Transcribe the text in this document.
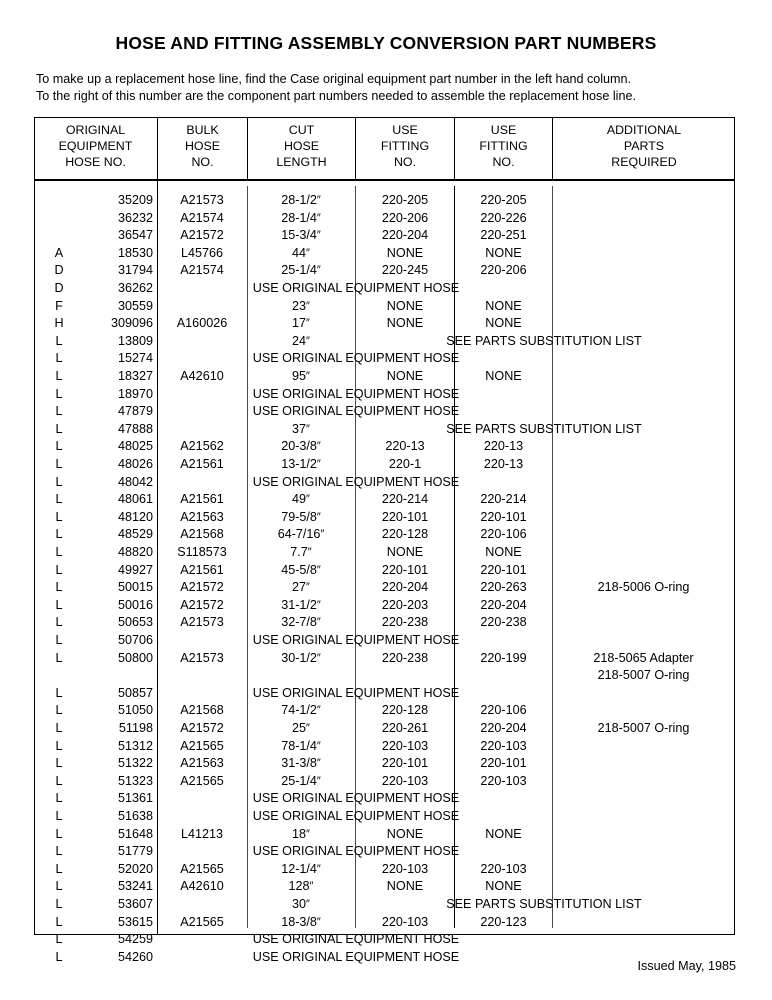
HOSE AND FITTING ASSEMBLY CONVERSION PART NUMBERS
To make up a replacement hose line, find the Case original equipment part number in the left hand column.
To the right of this number are the component part numbers needed to assemble the replacement hose line.
ORIGINAL
EQUIPMENT
HOSE NO.
BULK
HOSE
NO.
CUT
HOSE
LENGTH
USE
FITTING
NO.
USE
FITTING
NO.
ADDITIONAL
PARTS
REQUIRED
35209	A21573	28-1/2″	220-205	220-205
36232	A21574	28-1/4″	220-206	220-226
36547	A21572	15-3/4″	220-204	220-251
A	18530	L45766	44″	NONE	NONE
D	31794	A21574	25-1/4″	220-245	220-206
D	36262	USE ORIGINAL EQUIPMENT HOSE
F	30559	23″	NONE	NONE
H	309096	A160026	17″	NONE	NONE
L	13809	24″	SEE PARTS SUBSTITUTION LIST
L	15274	USE ORIGINAL EQUIPMENT HOSE
L	18327	A42610	95″	NONE	NONE
L	18970	USE ORIGINAL EQUIPMENT HOSE
L	47879	USE ORIGINAL EQUIPMENT HOSE
L	47888	37″	SEE PARTS SUBSTITUTION LIST
L	48025	A21562	20-3/8″	220-13	220-13
L	48026	A21561	13-1/2″	220-1	220-13
L	48042	USE ORIGINAL EQUIPMENT HOSE
L	48061	A21561	49″	220-214	220-214
L	48120	A21563	79-5/8″	220-101	220-101
L	48529	A21568	64-7/16″	220-128	220-106
L	48820	S118573	7.7″	NONE	NONE
L	49927	A21561	45-5/8″	220-101	220-101
L	50015	A21572	27″	220-204	220-263	218-5006 O-ring
L	50016	A21572	31-1/2″	220-203	220-204
L	50653	A21573	32-7/8″	220-238	220-238
L	50706	USE ORIGINAL EQUIPMENT HOSE
L	50800	A21573	30-1/2″	220-238	220-199	218-5065 Adapter
218-5007 O-ring
L	50857	USE ORIGINAL EQUIPMENT HOSE
L	51050	A21568	74-1/2″	220-128	220-106
L	51198	A21572	25″	220-261	220-204	218-5007 O-ring
L	51312	A21565	78-1/4″	220-103	220-103
L	51322	A21563	31-3/8″	220-101	220-101
L	51323	A21565	25-1/4″	220-103	220-103
L	51361	USE ORIGINAL EQUIPMENT HOSE
L	51638	USE ORIGINAL EQUIPMENT HOSE
L	51648	L41213	18″	NONE	NONE
L	51779	USE ORIGINAL EQUIPMENT HOSE
L	52020	A21565	12-1/4″	220-103	220-103
L	53241	A42610	128″	NONE	NONE
L	53607	30″	SEE PARTS SUBSTITUTION LIST
L	53615	A21565	18-3/8″	220-103	220-123
L	54259	USE ORIGINAL EQUIPMENT HOSE
L	54260	USE ORIGINAL EQUIPMENT HOSE
Issued May, 1985
